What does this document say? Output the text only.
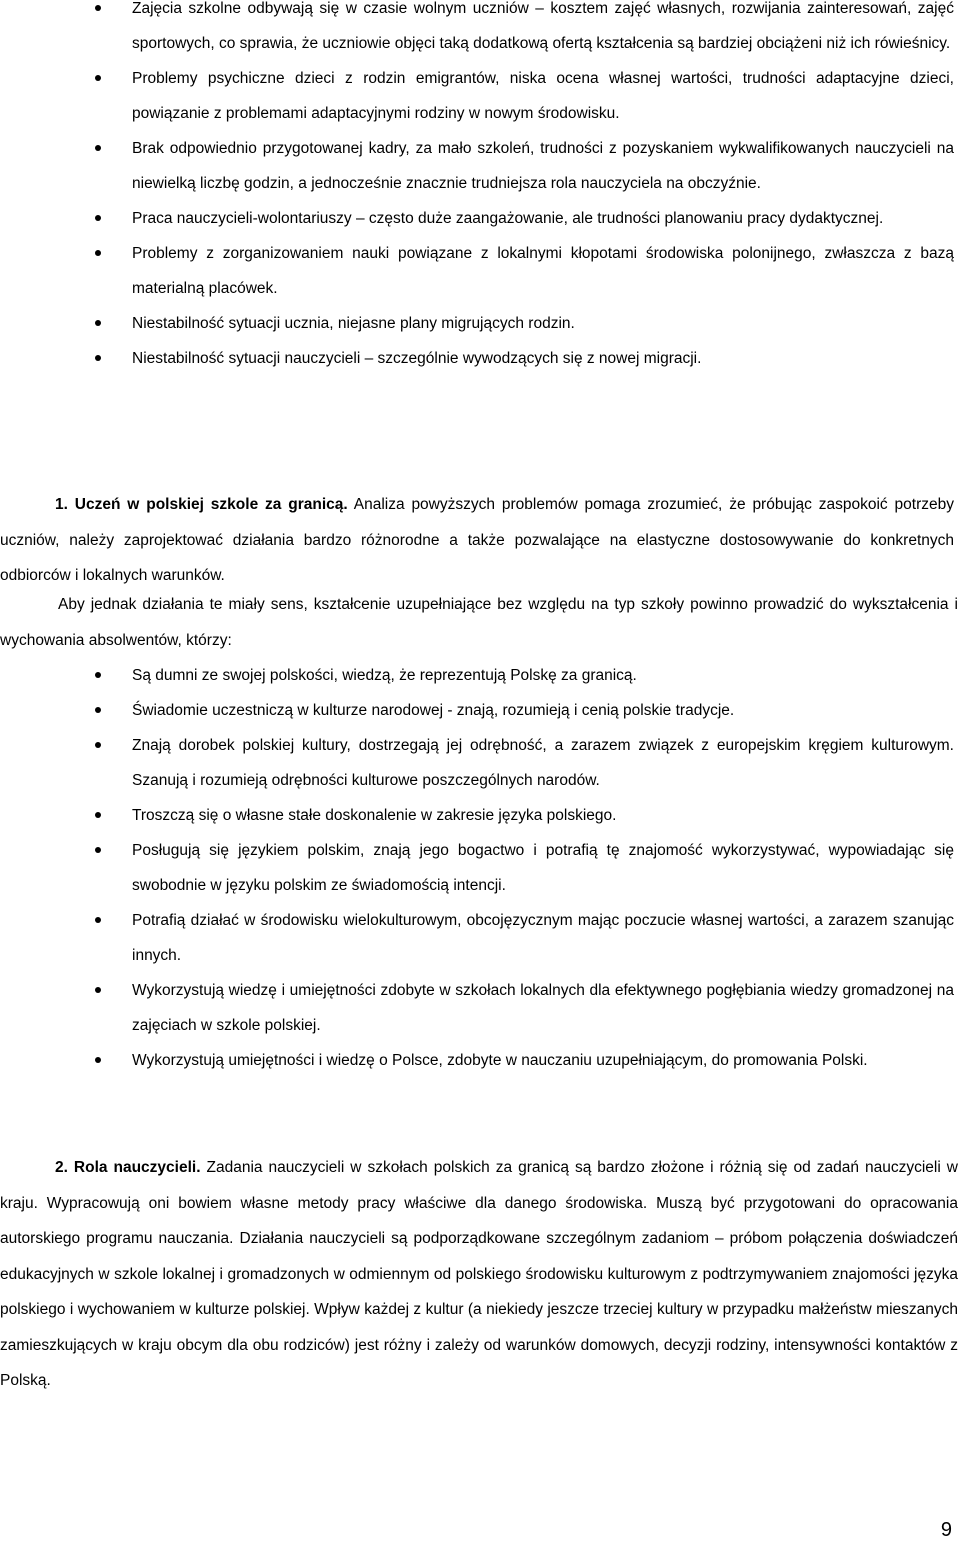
Zajęcia szkolne odbywają się w czasie wolnym uczniów – kosztem zajęć własnych, rozwijania zainteresowań, zajęć sportowych, co sprawia, że uczniowie objęci taką dodatkową ofertą kształcenia są bardziej obciążeni niż ich rówieśnicy.
Problemy psychiczne dzieci z rodzin emigrantów, niska ocena własnej wartości, trudności adaptacyjne dzieci, powiązanie z problemami adaptacyjnymi rodziny w nowym środowisku.
Brak odpowiednio przygotowanej kadry, za mało szkoleń, trudności z pozyskaniem wykwalifikowanych nauczycieli na niewielką liczbę godzin, a jednocześnie znacznie trudniejsza rola nauczyciela na obczyźnie.
Praca nauczycieli-wolontariuszy – często duże zaangażowanie, ale trudności planowaniu pracy dydaktycznej.
Problemy z zorganizowaniem nauki powiązane z lokalnymi kłopotami środowiska polonijnego, zwłaszcza z bazą materialną placówek.
Niestabilność sytuacji ucznia, niejasne plany migrujących rodzin.
Niestabilność sytuacji nauczycieli – szczególnie wywodzących się z nowej migracji.

1. Uczeń w polskiej szkole za granicą. Analiza powyższych problemów pomaga zrozumieć, że próbując zaspokoić potrzeby uczniów, należy zaprojektować działania bardzo różnorodne a także pozwalające na elastyczne dostosowywanie do konkretnych odbiorców i lokalnych warunków.

Aby jednak działania te miały sens, kształcenie uzupełniające bez względu na typ szkoły powinno prowadzić do wykształcenia i wychowania absolwentów, którzy:

Są dumni ze swojej polskości, wiedzą, że reprezentują Polskę za granicą.
Świadomie uczestniczą w kulturze narodowej - znają, rozumieją i cenią polskie tradycje.
Znają dorobek polskiej kultury, dostrzegają jej odrębność, a zarazem związek z europejskim kręgiem kulturowym. Szanują i rozumieją odrębności kulturowe poszczególnych narodów.
Troszczą się o własne stałe doskonalenie w zakresie języka polskiego.
Posługują się językiem polskim, znają jego bogactwo i potrafią tę znajomość wykorzystywać, wypowiadając się swobodnie w języku polskim ze świadomością intencji.
Potrafią działać w środowisku wielokulturowym, obcojęzycznym mając poczucie własnej wartości, a zarazem szanując innych.
Wykorzystują wiedzę i umiejętności zdobyte w szkołach lokalnych dla efektywnego pogłębiania wiedzy gromadzonej na zajęciach w szkole polskiej.
Wykorzystują umiejętności i wiedzę o Polsce, zdobyte w nauczaniu uzupełniającym, do promowania Polski.

2. Rola nauczycieli. Zadania nauczycieli w szkołach polskich za granicą są bardzo złożone i różnią się od zadań nauczycieli w kraju. Wypracowują oni bowiem własne metody pracy właściwe dla danego środowiska. Muszą być przygotowani do opracowania autorskiego programu nauczania. Działania nauczycieli są podporządkowane szczególnym zadaniom – próbom połączenia doświadczeń edukacyjnych w szkole lokalnej i gromadzonych w odmiennym od polskiego środowisku kulturowym z podtrzymywaniem znajomości języka polskiego i wychowaniem w kulturze polskiej. Wpływ każdej z kultur (a niekiedy jeszcze trzeciej kultury w przypadku małżeństw mieszanych zamieszkujących w kraju obcym dla obu rodziców) jest różny i zależy od warunków domowych, decyzji rodziny, intensywności kontaktów z Polską.

9
